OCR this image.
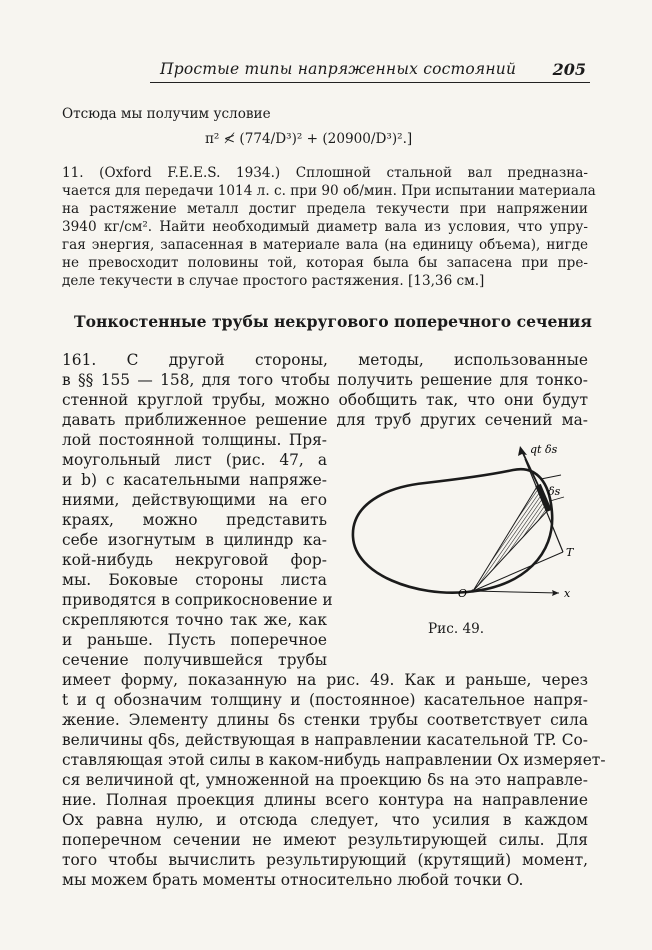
Простые типы напряженных состояний 205
Отсюда мы получим условие
π² ≮ (774/D³)² + (20900/D³)².]
11. (Oxford F.E.E.S. 1934.) Сплошной стальной вал предназна-
чается для передачи 1014 л. с. при 90 об/мин. При испытании материала
на растяжение металл достиг предела текучести при напряжении
3940 кг/см². Найти необходимый диаметр вала из условия, что упру-
гая энергия, запасенная в материале вала (на единицу объема), нигде
не превосходит половины той, которая была бы запасена при пре-
деле текучести в случае простого растяжения. [13,36 см.]
Тонкостенные трубы некругового поперечного сечения
161. С другой стороны, методы, использованные
в §§ 155 — 158, для того чтобы получить решение для тонко-
стенной круглой трубы, можно обобщить так, что они будут
давать приближенное решение для труб других сечений ма-
лой постоянной толщины. Пря-
моугольный лист (рис. 47, a
и b) с касательными напряже-
ниями, действующими на его
краях, можно представить
себе изогнутым в цилиндр ка-
кой-нибудь некруговой фор-
мы. Боковые стороны листа
приводятся в соприкосновение и
скрепляются точно так же, как
и раньше. Пусть поперечное
сечение получившейся трубы
qt δs
δs
T
O	x
Рис. 49.
имеет форму, показанную на рис. 49. Как и раньше, через
t и q обозначим толщину и (постоянное) касательное напря-
жение. Элементу длины δs стенки трубы соответствует сила
величины qδs, действующая в направлении касательной TP. Со-
ставляющая этой силы в каком-нибудь направлении Ox измеряет-
ся величиной qt, умноженной на проекцию δs на это направле-
ние. Полная проекция длины всего контура на направление
Ox равна нулю, и отсюда следует, что усилия в каждом
поперечном сечении не имеют результирующей силы. Для
того чтобы вычислить результирующий (крутящий) момент,
мы можем брать моменты относительно любой точки O.
